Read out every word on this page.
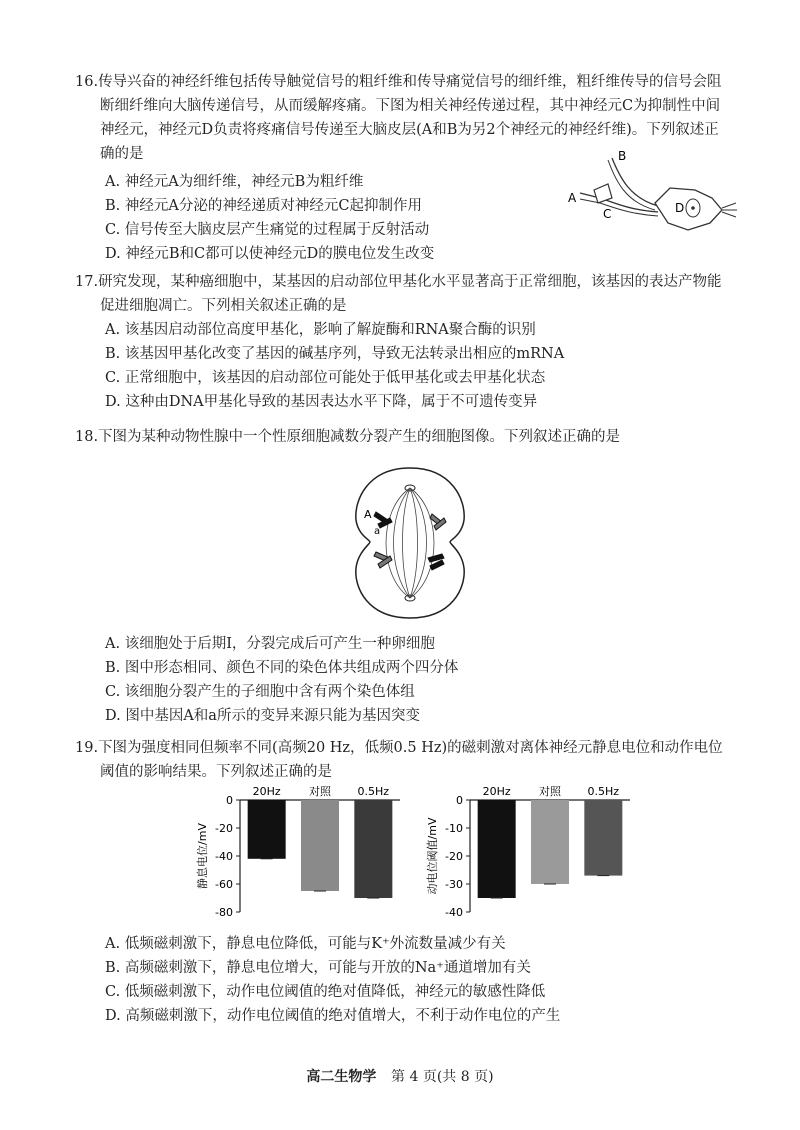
16.传导兴奋的神经纤维包括传导触觉信号的粗纤维和传导痛觉信号的细纤维，粗纤维传导的信号会阻断细纤维向大脑传递信号，从而缓解疼痛。下图为相关神经传递过程，其中神经元C为抑制性中间神经元，神经元D负责将疼痛信号传递至大脑皮层(A和B为另2个神经元的神经纤维)。下列叙述正确的是
A. 神经元A为细纤维，神经元B为粗纤维
B. 神经元A分泌的神经递质对神经元C起抑制作用
C. 信号传至大脑皮层产生痛觉的过程属于反射活动
D. 神经元B和C都可以使神经元D的膜电位发生改变
B
A
C	D
17.研究发现，某种癌细胞中，某基因的启动部位甲基化水平显著高于正常细胞，该基因的表达产物能促进细胞凋亡。下列相关叙述正确的是
A. 该基因启动部位高度甲基化，影响了解旋酶和RNA聚合酶的识别
B. 该基因甲基化改变了基因的碱基序列，导致无法转录出相应的mRNA
C. 正常细胞中，该基因的启动部位可能处于低甲基化或去甲基化状态
D. 这种由DNA甲基化导致的基因表达水平下降，属于不可遗传变异
18.下图为某种动物性腺中一个性原细胞减数分裂产生的细胞图像。下列叙述正确的是
A
a
A. 该细胞处于后期Ⅰ，分裂完成后可产生一种卵细胞
B. 图中形态相同、颜色不同的染色体共组成两个四分体
C. 该细胞分裂产生的子细胞中含有两个染色体组
D. 图中基因A和a所示的变异来源只能为基因突变
19.下图为强度相同但频率不同(高频20 Hz，低频0.5 Hz)的磁刺激对离体神经元静息电位和动作电位阈值的影响结果。下列叙述正确的是
0
-20
-40
-60
-80
静息电位/mV
20Hz	对照 0.5Hz
0
-10
-20
-30
-40
动电位阈值/mV
20Hz	对照 0.5Hz
A. 低频磁刺激下，静息电位降低，可能与K⁺外流数量减少有关
B. 高频磁刺激下，静息电位增大，可能与开放的Na⁺通道增加有关
C. 低频磁刺激下，动作电位阈值的绝对值降低，神经元的敏感性降低
D. 高频磁刺激下，动作电位阈值的绝对值增大，不利于动作电位的产生
高二生物学 第 4 页(共 8 页)
